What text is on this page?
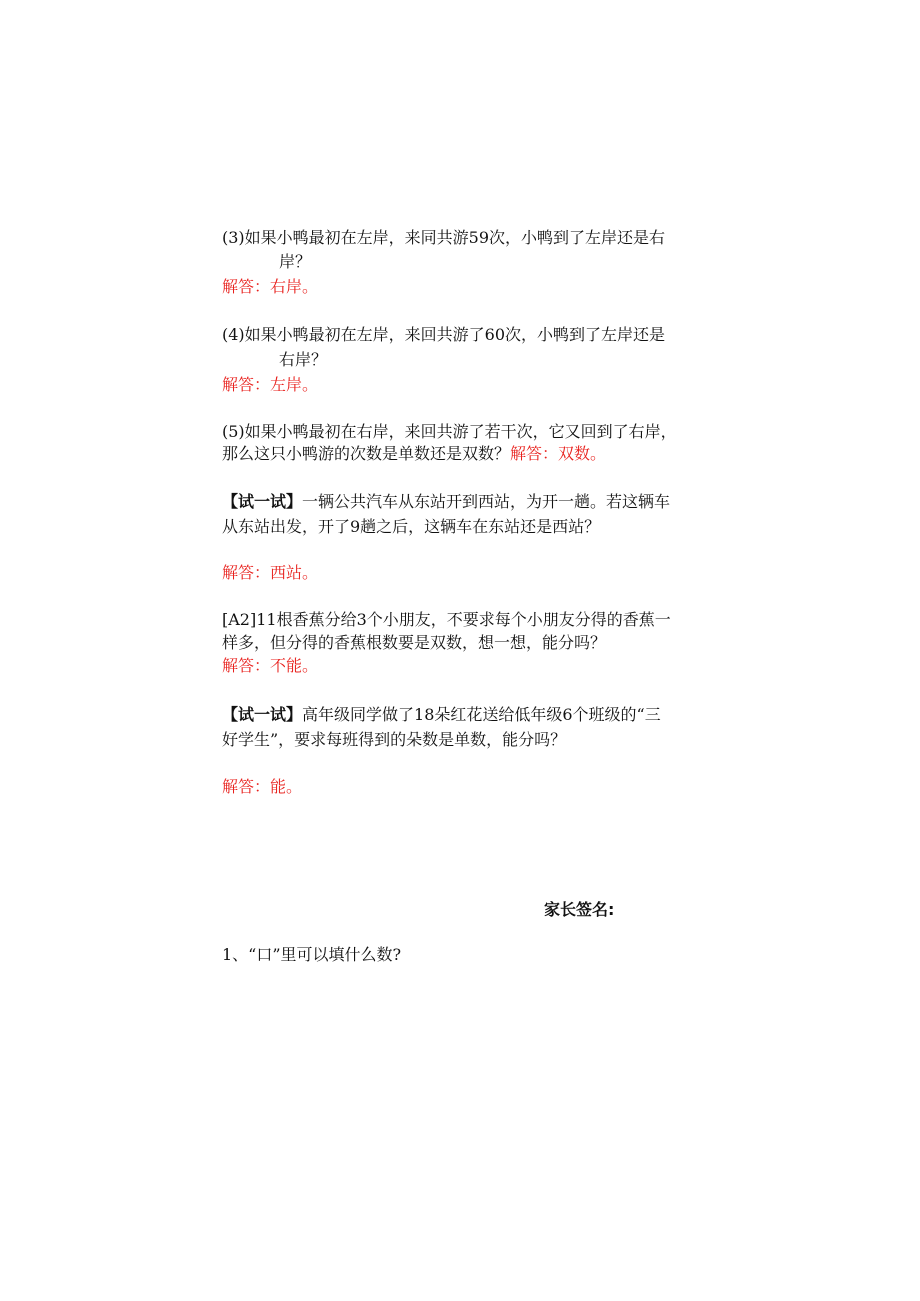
(3)如果小鸭最初在左岸，来同共游59次，小鸭到了左岸还是右
岸？
解答：右岸。
(4)如果小鸭最初在左岸，来回共游了60次，小鸭到了左岸还是
右岸？
解答：左岸。
(5)如果小鸭最初在右岸，来回共游了若干次，它又回到了右岸，
那么这只小鸭游的次数是单数还是双数？解答：双数。
【试一试】一辆公共汽车从东站开到西站，为开一趟。若这辆车
从东站出发，开了9趟之后，这辆车在东站还是西站？
解答：西站。
[A2]11根香蕉分给3个小朋友，不要求每个小朋友分得的香蕉一
样多，但分得的香蕉根数要是双数，想一想，能分吗？
解答：不能。
【试一试】高年级同学做了18朵红花送给低年级6个班级的“三
好学生”，要求每班得到的朵数是单数，能分吗？
解答：能。
家长签名:
1、“口”里可以填什么数?
